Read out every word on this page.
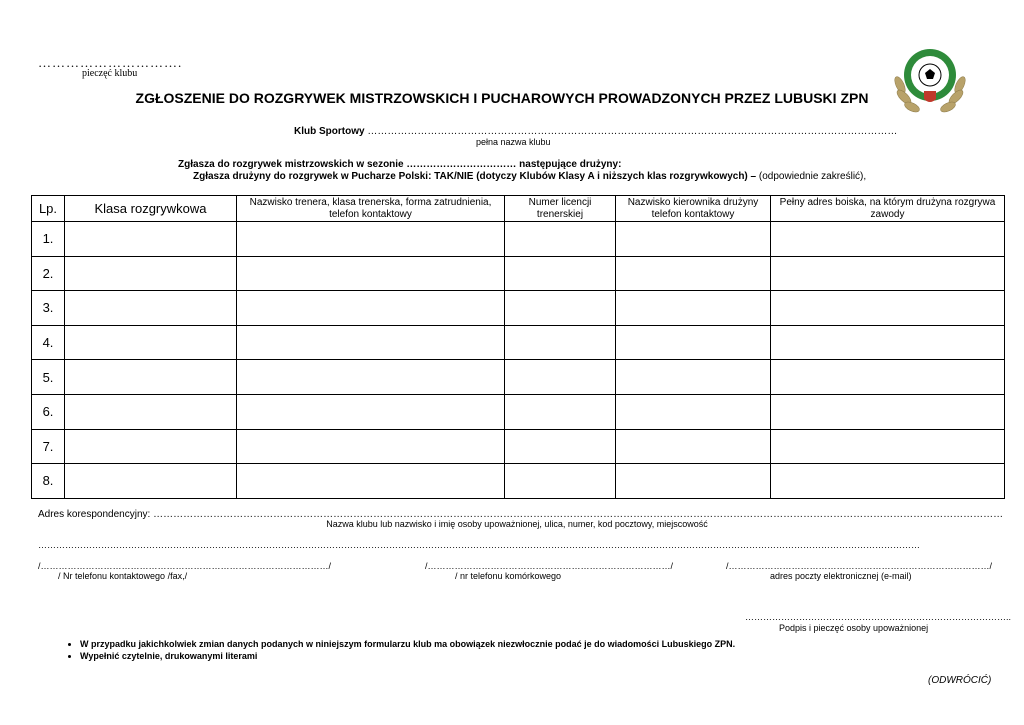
………………………….
pieczęć klubu
ZGŁOSZENIE DO ROZGRYWEK MISTRZOWSKICH I PUCHAROWYCH PROWADZONYCH PRZEZ LUBUSKI ZPN
Klub Sportowy ……………………………………………………………………………………………………………………………………………
pełna nazwa klubu
Zgłasza do rozgrywek mistrzowskich w sezonie …………………………… następujące drużyny:
Zgłasza drużyny do rozgrywek w Pucharze Polski: TAK/NIE (dotyczy Klubów Klasy A i niższych klas rozgrywkowych) – (odpowiednie zakreślić),
Lp.	Klasa rozgrywkowa	Nazwisko trenera, klasa trenerska, forma zatrudnienia, telefon kontaktowy	Numer licencji trenerskiej	Nazwisko kierownika drużyny telefon kontaktowy	Pełny adres boiska, na którym drużyna rozgrywa zawody
1.					
2.					
3.					
4.					
5.					
6.					
7.					
8.					
Adres korespondencyjny: …………………………………………………………………………………………………………………………………………………………………………………………………………………………………
Nazwa klubu lub nazwisko i imię osoby upoważnionej, ulica, numer, kod pocztowy, miejscowość
……………………………………………………………………………………………………………………………………………………………………………………………………………………………………………………………………
/……………………………………………………………………………………/	/………………………………………………………………………/	/……………………………………………………………………………/
/ Nr telefonu kontaktowego /fax,/	/ nr telefonu komórkowego	adres poczty elektronicznej (e-mail)
……………………………………………………………………………..
Podpis i pieczęć osoby upoważnionej
• W przypadku jakichkolwiek zmian danych podanych w niniejszym formularzu klub ma obowiązek niezwłocznie podać je do wiadomości Lubuskiego ZPN.
• Wypełnić czytelnie, drukowanymi literami
(ODWRÓCIĆ)
